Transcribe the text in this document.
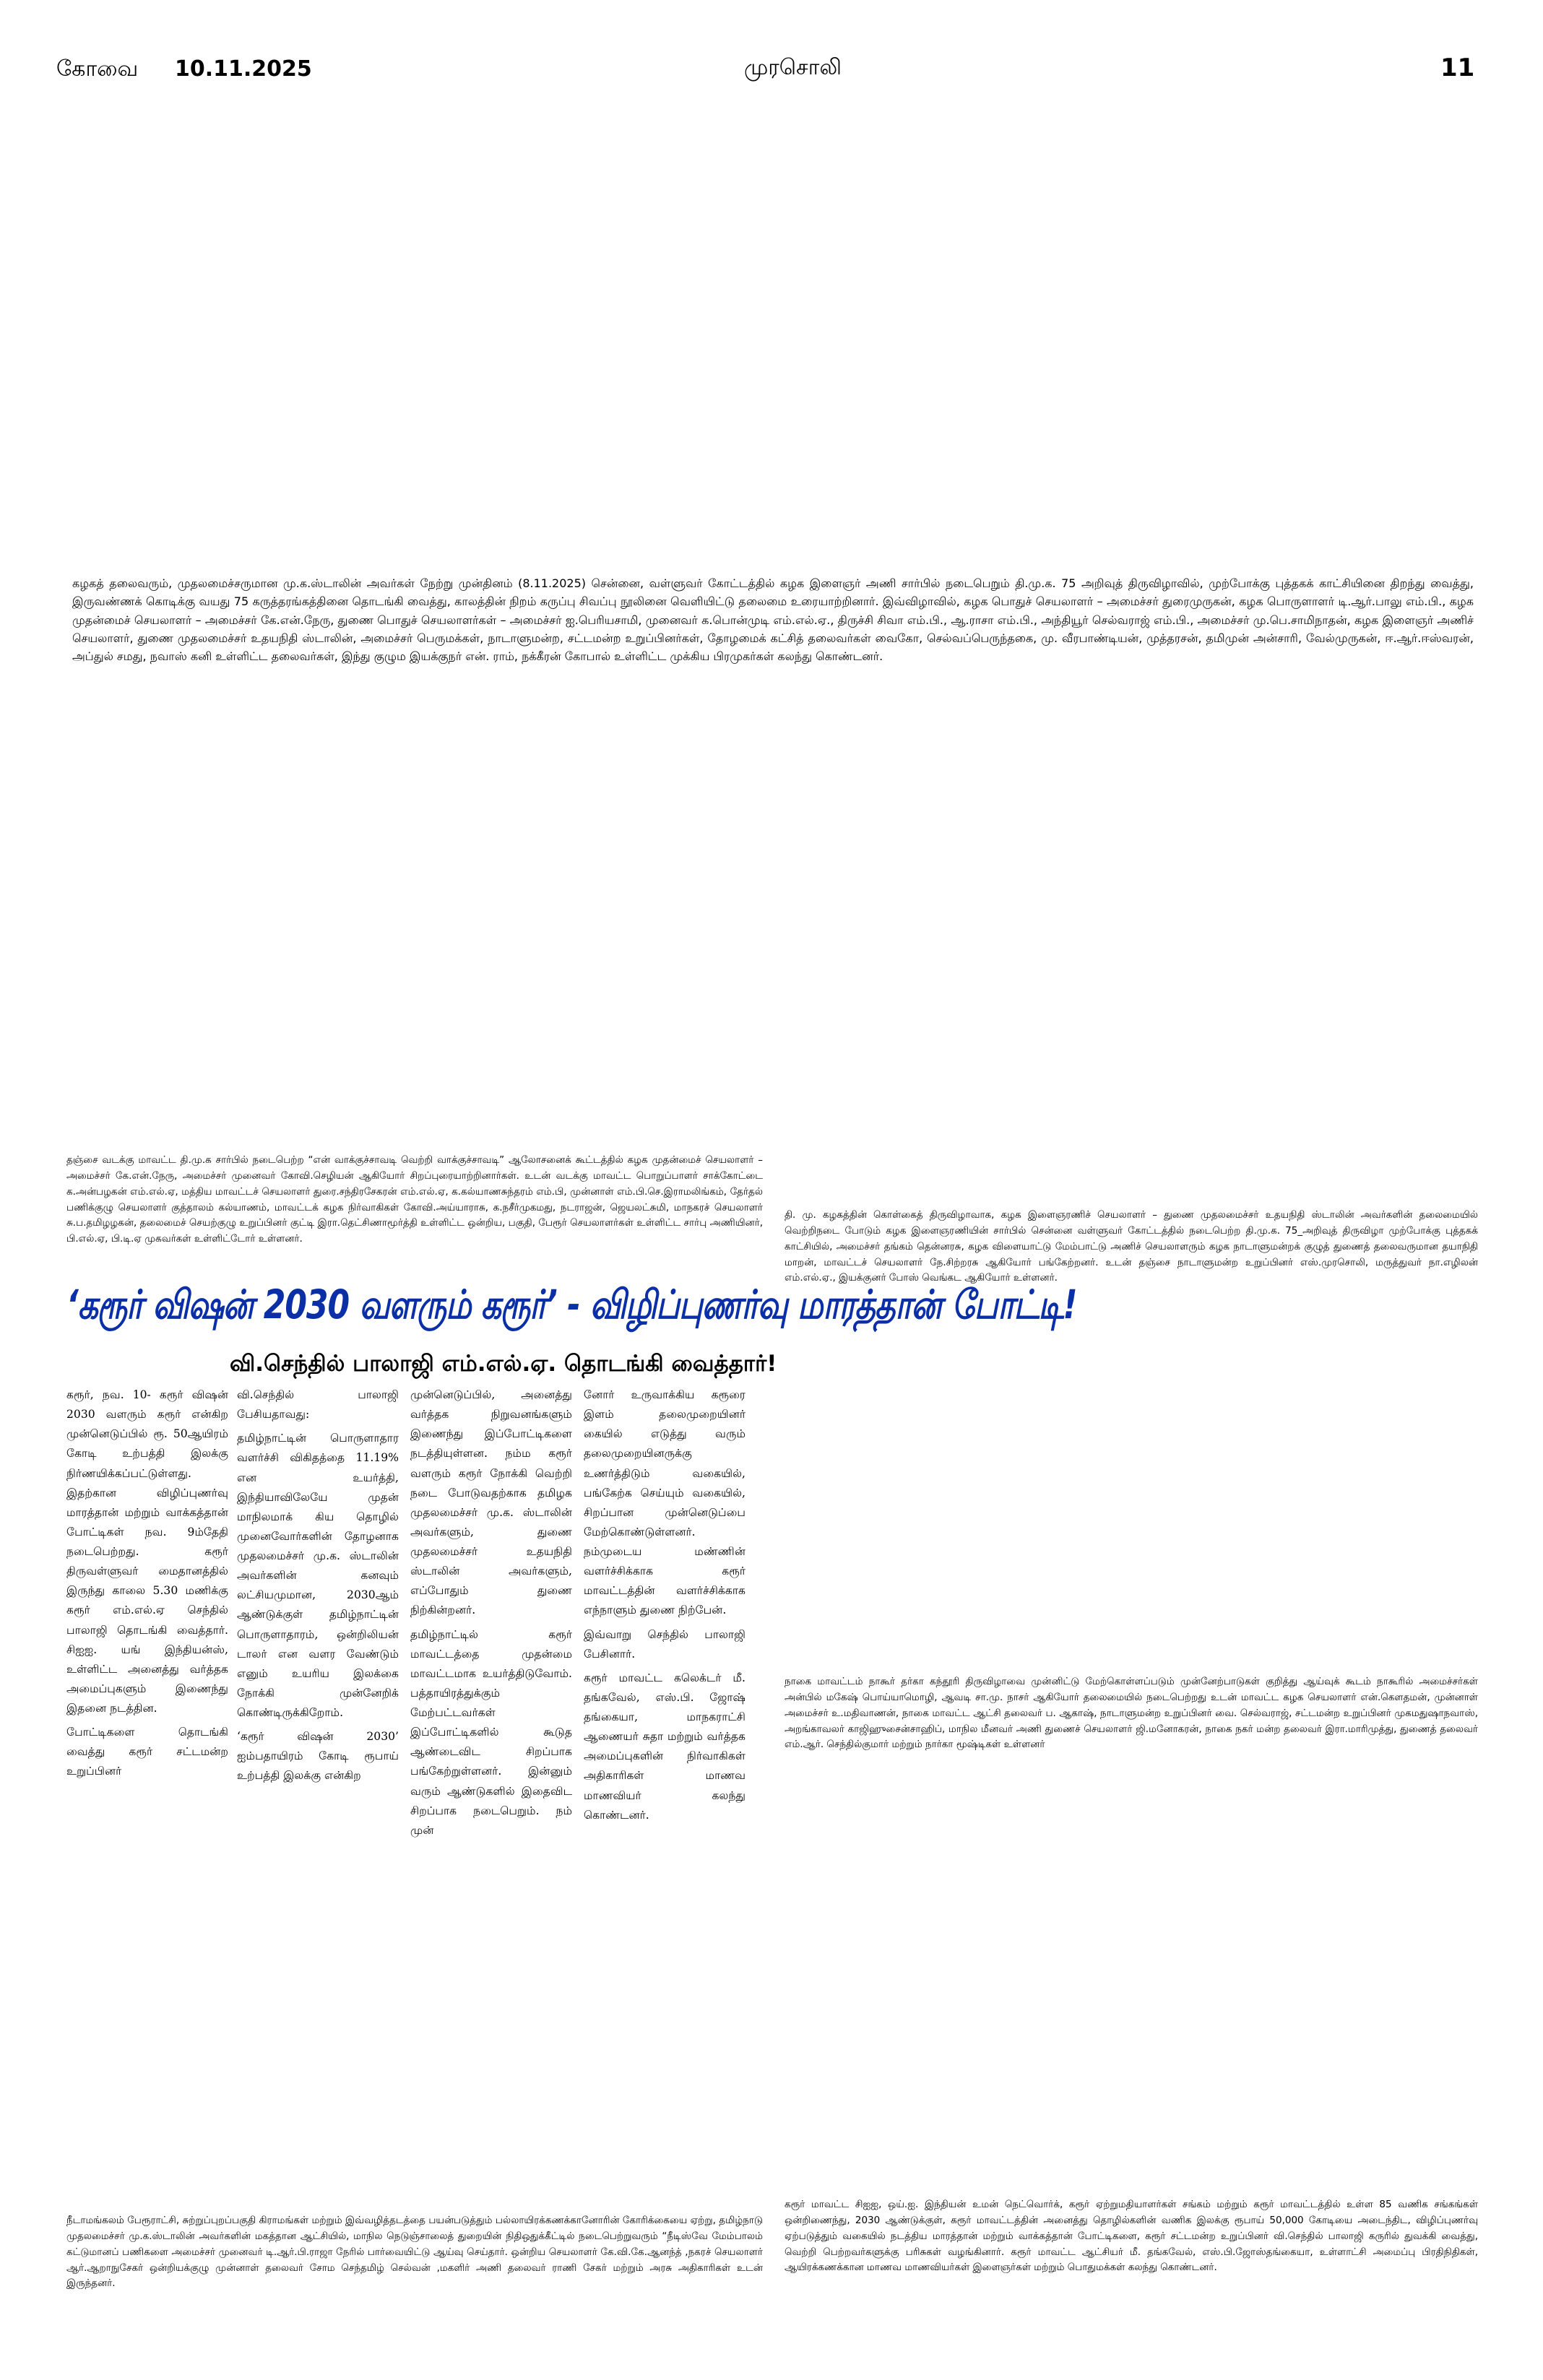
கோவை 10.11.2025	முரசொலி	11
கழகத் தலைவரும், முதலமைச்சருமான மு.க.ஸ்டாலின் அவர்கள் நேற்று முன்தினம் (8.11.2025) சென்னை, வள்ளுவர் கோட்டத்தில் கழக இளைஞர் அணி சார்பில் நடைபெறும் தி.மு.க. 75 அறிவுத் திருவிழாவில், முற்போக்கு புத்தகக் காட்சியினை திறந்து வைத்து, இருவண்ணக் கொடிக்கு வயது 75 கருத்தரங்கத்தினை தொடங்கி வைத்து, காலத்தின் நிறம் கருப்பு சிவப்பு நூலினை வெளியிட்டு தலைமை உரையாற்றினார். இவ்விழாவில், கழக பொதுச் செயலாளர் – அமைச்சர் துரைமுருகன், கழக பொருளாளர் டி.ஆர்.பாலு எம்.பி., கழக முதன்மைச் செயலாளர் – அமைச்சர் கே.என்.நேரு, துணை பொதுச் செயலாளர்கள் – அமைச்சர் ஐ.பெரியசாமி, முனைவர் க.பொன்முடி எம்.எல்.ஏ., திருச்சி சிவா எம்.பி., ஆ.ராசா எம்.பி., அந்தியூர் செல்வராஜ் எம்.பி., அமைச்சர் மு.பெ.சாமிநாதன், கழக இளைஞர் அணிச் செயலாளர், துணை முதலமைச்சர் உதயநிதி ஸ்டாலின், அமைச்சர் பெருமக்கள், நாடாளுமன்ற, சட்டமன்ற உறுப்பினர்கள், தோழமைக் கட்சித் தலைவர்கள் வைகோ, செல்வப்பெருந்தகை, மு. வீரபாண்டியன், முத்தரசன், தமிமுன் அன்சாரி, வேல்முருகன், ஈ.ஆர்.ஈஸ்வரன், அப்துல் சமது, நவாஸ் கனி உள்ளிட்ட தலைவர்கள், இந்து குழும இயக்குநர் என். ராம், நக்கீரன் கோபால் உள்ளிட்ட முக்கிய பிரமுகர்கள் கலந்து கொண்டனர்.
தஞ்சை வடக்கு மாவட்ட தி.மு.க சார்பில் நடைபெற்ற “என் வாக்குச்சாவடி வெற்றி வாக்குச்சாவடி” ஆலோசனைக் கூட்டத்தில் கழக முதன்மைச் செயலாளர் – அமைச்சர் கே.என்.நேரு, அமைச்சர் முனைவர் கோவி.செழியன் ஆகியோர் சிறப்புரையாற்றினார்கள். உடன் வடக்கு மாவட்ட பொறுப்பாளர் சாக்கோட்டை க.அன்பழகன் எம்.எல்.ஏ, மத்திய மாவட்டச் செயலாளர் துரை.சந்திரசேகரன் எம்.எல்.ஏ, க.கல்யாணசுந்தரம் எம்.பி, முன்னாள் எம்.பி.செ.இராமலிங்கம், தேர்தல் பணிக்குழு செயலாளர் குத்தாலம் கல்யாணம், மாவட்டக் கழக நிர்வாகிகள் கோவி.அய்யாராசு, க.நசீர்முகமது, நடராஜன், ஜெயலட்சுமி, மாநகரச் செயலாளர் சு.ப.தமிழழகன், தலைமைச் செயற்குழு உறுப்பினர் குட்டி இரா.தெட்சிணாமூர்த்தி உள்ளிட்ட ஒன்றிய, பகுதி, பேரூர் செயலாளர்கள் உள்ளிட்ட சார்பு அணியினர், பி.எல்.ஏ, பி.டி.ஏ முகவர்கள் உள்ளிட்டோர் உள்ளனர்.
தி. மு. கழகத்தின் கொள்கைத் திருவிழாவாக, கழக இளைஞரணிச் செயலாளர் – துணை முதலமைச்சர் உதயநிதி ஸ்டாலின் அவர்களின் தலைமையில் வெற்றிநடை போடும் கழக இளைஞரணியின் சார்பில் சென்னை வள்ளுவர் கோட்டத்தில் நடைபெற்ற தி.மு.க. 75_அறிவுத் திருவிழா முற்போக்கு புத்தகக் காட்சியில், அமைச்சர் தங்கம் தென்னரசு, கழக விளையாட்டு மேம்பாட்டு அணிச் செயலாளரும் கழக நாடாளுமன்றக் குழுத் துணைத் தலைவருமான தயாநிதி மாறன், மாவட்டச் செயலாளர் நே.சிற்றரசு ஆகியோர் பங்கேற்றனர். உடன் தஞ்சை நாடாளுமன்ற உறுப்பினர் எஸ்.முரசொலி, மருத்துவர் நா.எழிலன் எம்.எல்.ஏ., இயக்குனர் போஸ் வெங்கட ஆகியோர் உள்ளனர்.
நாகை மாவட்டம் நாகூர் தர்கா கந்தூரி திருவிழாவை முன்னிட்டு மேற்கொள்ளப்படும் முன்னேற்பாடுகள் குறித்து ஆய்வுக் கூடம் நாகூரில் அமைச்சர்கள் அன்பில் மகேஷ் பொய்யாமொழி, ஆவடி சா.மு. நாசர் ஆகியோர் தலைமையில் நடைபெற்றது உடன் மாவட்ட கழக செயலாளர் என்.கௌதமன், முன்னாள் அமைச்சர் உ.மதிவாணன், நாகை மாவட்ட ஆட்சி தலைவர் ப. ஆகாஷ், நாடாளுமன்ற உறுப்பினர் வை. செல்வராஜ், சட்டமன்ற உறுப்பினர் முகமதுஷாநவாஸ், அறங்காவலர் காஜிஹுசைன்சாஹிப், மாநில மீனவர் அணி துணைச் செயலாளர் ஜி.மனோகரன், நாகை நகர் மன்ற தலைவர் இரா.மாரிமுத்து, துணைத் தலைவர் எம்.ஆர். செந்தில்குமார் மற்றும் நார்கா மூஷ்டிகள் உள்ளனர்
‘கரூர் விஷன் 2030 வளரும் கரூர்’ - விழிப்புணர்வு மாரத்தான் போட்டி!
வி.செந்தில் பாலாஜி எம்.எல்.ஏ. தொடங்கி வைத்தார்!

கரூர், நவ. 10- கரூர் விஷன் 2030 வளரும் கரூர் என்கிற முன்னெடுப்பில் ரூ. 50ஆயிரம் கோடி உற்பத்தி இலக்கு நிர்ணயிக்கப்பட்டுள்ளது. இதற்கான விழிப்புணர்வு மாரத்தான் மற்றும் வாக்கத்தான் போட்டிகள் நவ. 9ம்தேதி நடைபெற்றது. கரூர் திருவள்ளுவர் மைதானத்தில் இருந்து காலை 5.30 மணிக்கு கரூர் எம்.எல்.ஏ செந்தில் பாலாஜி தொடங்கி வைத்தார். சிஐஐ. யங் இந்தியன்ஸ், உள்ளிட்ட அனைத்து வர்த்தக அமைப்புகளும் இணைந்து இதனை நடத்தின.

போட்டிகளை தொடங்கி வைத்து கரூர் சட்டமன்ற உறுப்பினர்

வி.செந்தில் பாலாஜி பேசியதாவது:

தமிழ்நாட்டின் பொருளாதார வளர்ச்சி விகிதத்தை 11.19% என உயர்த்தி, இந்தியாவிலேயே முதன் மாநிலமாக் கிய தொழில் முனைவோர்களின் தோழனாக முதலமைச்சர் மு.க. ஸ்டாலின் அவர்களின் கனவும் லட்சியமுமான, 2030ஆம் ஆண்டுக்குள் தமிழ்நாட்டின் பொருளாதாரம், ஒன்றிலியன் டாலர் என வளர வேண்டும் எனும் உயரிய இலக்கை நோக்கி முன்னேறிக் கொண்டிருக்கிறோம்.

‘கரூர் விஷன் 2030’ ஐம்பதாயிரம் கோடி ரூபாய் உற்பத்தி இலக்கு என்கிற

முன்னெடுப்பில், அனைத்து வர்த்தக நிறுவனங்களும் இணைந்து இப்போட்டிகளை நடத்தியுள்ளன. நம்ம கரூர் வளரும் கரூர் நோக்கி வெற்றி நடை போடுவதற்காக தமிழக முதலமைச்சர் மு.க. ஸ்டாலின் அவர்களும், துணை முதலமைச்சர் உதயநிதி ஸ்டாலின் அவர்களும், எப்போதும் துணை நிற்கின்றனர்.

தமிழ்நாட்டில் கரூர் மாவட்டத்தை முதன்மை மாவட்டமாக உயர்த்திடுவோம். பத்தாயிரத்துக்கும் மேற்பட்டவர்கள் இப்போட்டிகளில் கூடுத ஆண்டைவிட சிறப்பாக பங்கேற்றுள்ளனர். இன்னும் வரும் ஆண்டுகளில் இதைவிட சிறப்பாக நடைபெறும். நம் முன்

னோர் உருவாக்கிய கரூரை இளம் தலைமுறையினர் கையில் எடுத்து வரும் தலைமுறையினருக்கு உணர்த்திடும் வகையில், பங்கேற்க செய்யும் வகையில், சிறப்பான முன்னெடுப்பை மேற்கொண்டுள்ளனர். நம்முடைய மண்ணின் வளர்ச்சிக்காக கரூர் மாவட்டத்தின் வளர்ச்சிக்காக எந்நாளும் துணை நிற்பேன்.

இவ்வாறு செந்தில் பாலாஜி பேசினார்.

கரூர் மாவட்ட கலெக்டர் மீ. தங்கவேல், எஸ்.பி. ஜோஷ் தங்கையா, மாநகராட்சி ஆணையர் சுதா மற்றும் வர்த்தக அமைப்புகளின் நிர்வாகிகள் அதிகாரிகள் மாணவ மாணவியர் கலந்து கொண்டனர்.

நீடாமங்கலம் பேரூராட்சி, சுற்றுப்புறப்பகுதி கிராமங்கள் மற்றும் இவ்வழித்தடத்தை பயன்படுத்தும் பல்லாயிரக்கணக்கானோரின் கோரிக்கையை ஏற்று, தமிழ்நாடு முதலமைச்சர் மு.க.ஸ்டாலின் அவர்களின் மகத்தான ஆட்சியில், மாநில நெடுஞ்சாலைத் துறையின் நிதிஒதுக்கீட்டில் நடைபெற்றுவரும் “நீடிஸ்வே மேம்பாலம் கட்டுமானப் பணிகளை அமைச்சர் முனைவர் டி.ஆர்.பி.ராஜா நேரில் பார்வையிட்டு ஆய்வு செய்தார். ஒன்றிய செயலாளர் கே.வி.கே.ஆனந்த் ,நகரச் செயலாளர் ஆர்.ஆறாநுசேகர் ஒன்றியக்குழு முன்னாள் தலைவர் சோம செந்தமிழ் செல்வன் ,மகளிர் அணி தலைவர் ராணி சேகர் மற்றும் அரசு அதிகாரிகள் உடன் இருந்தனர்.
கரூர் மாவட்ட சிஐஐ, ஒய்.ஐ. இந்தியன் உமன் நெட்வொர்க், கரூர் ஏற்றுமதியாளர்கள் சங்கம் மற்றும் கரூர் மாவட்டத்தில் உள்ள 85 வணிக சங்கங்கள் ஒன்றிணைந்து, 2030 ஆண்டுக்குள், கரூர் மாவட்டத்தின் அனைத்து தொழில்களின் வணிக இலக்கு ரூபாய் 50,000 கோடியை அடைந்திட, விழிப்புணர்வு ஏற்படுத்தும் வகையில் நடத்திய மாரத்தான் மற்றும் வாக்கத்தான் போட்டிகளை, கரூர் சட்டமன்ற உறுப்பினர் வி.செந்தில் பாலாஜி கருரில் துவக்கி வைத்து, வெற்றி பெற்றவர்களுக்கு பரிசுகள் வழங்கினார். கரூர் மாவட்ட ஆட்சியர் மீ. தங்கவேல், எஸ்.பி.ஜோஸ்தங்கையா, உள்ளாட்சி அமைப்பு பிரதிநிதிகள், ஆயிரக்கணக்கான மாணவ மாணவியர்கள் இளைஞர்கள் மற்றும் பொதுமக்கள் கலந்து கொண்டனர்.
